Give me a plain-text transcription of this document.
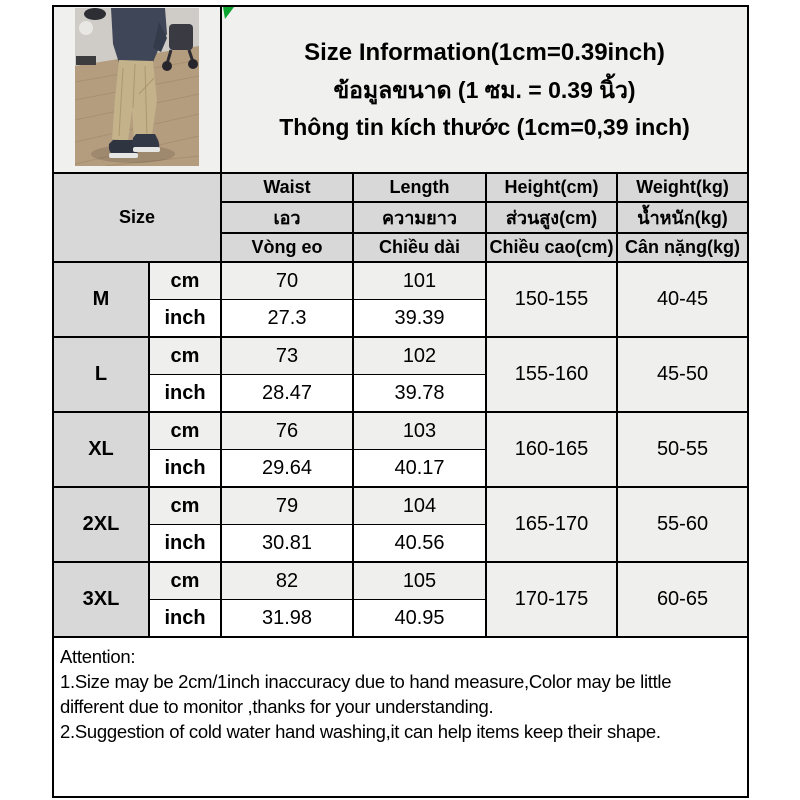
Size Information(1cm=0.39inch)
ข้อมูลขนาด (1 ซม. = 0.39 นิ้ว)
Thông tin kích thước (1cm=0,39 inch)			

Size		Waist	Length	Height(cm)	Weight(kg)
		เอว	ความยาว	ส่วนสูง(cm)	น้ำหนัก(kg)
		Vòng eo	Chiều dài	Chiều cao(cm)	Cân nặng(kg)
M	cm	70	101	150-155	40-45
	inch	27.3	39.39		
L	cm	73	102	155-160	45-50
	inch	28.47	39.78		
XL	cm	76	103	160-165	50-55
	inch	29.64	40.17		
2XL	cm	79	104	165-170	55-60
	inch	30.81	40.56		
3XL	cm	82	105	170-175	60-65
	inch	31.98	40.95		

Attention:

1.Size may be 2cm/1inch inaccuracy due to hand measure,Color may be little different due to monitor ,thanks for your understanding.

2.Suggestion of cold water hand washing,it can help items keep their shape.					
